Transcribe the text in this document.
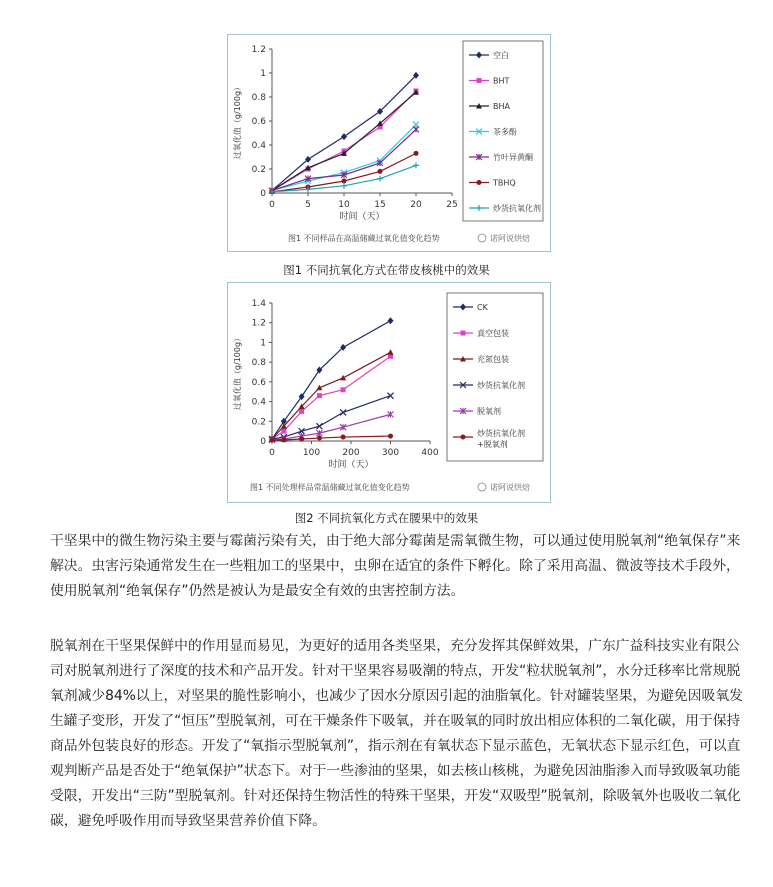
0
0.2
0.4
0.6
0.8
1
1.2
0	5	10	15	20	25
时间（天）
过氧化值（g/100g）
空白
BHT
BHA
茶多酚
竹叶异黄酮
TBHQ
炒货抗氧化剂
图1 不同样品在高温储藏过氧化值变化趋势	诺阿说烘焙
图1 不同抗氧化方式在带皮核桃中的效果
0
0.2
0.4
0.6
0.8
1
1.2
1.4
0	100 200 300 400
时间（天）
过氧化值（g/100g）
CK
真空包装
充氮包装
炒货抗氧化剂
脱氧剂
炒货抗氧化剂
+脱氧剂
图1 不同处理样品常温储藏过氧化值变化趋势	诺阿说烘焙
图2 不同抗氧化方式在腰果中的效果

干坚果中的微生物污染主要与霉菌污染有关，由于绝大部分霉菌是需氧微生物，可以通过使用脱氧剂“绝氧保存”来解决。虫害污染通常发生在一些粗加工的坚果中，虫卵在适宜的条件下孵化。除了采用高温、微波等技术手段外，使用脱氧剂“绝氧保存”仍然是被认为是最安全有效的虫害控制方法。

脱氧剂在干坚果保鲜中的作用显而易见，为更好的适用各类坚果，充分发挥其保鲜效果，广东广益科技实业有限公司对脱氧剂进行了深度的技术和产品开发。针对干坚果容易吸潮的特点，开发“粒状脱氧剂”，水分迁移率比常规脱氧剂减少84%以上，对坚果的脆性影响小，也减少了因水分原因引起的油脂氧化。针对罐装坚果，为避免因吸氧发生罐子变形，开发了“恒压”型脱氧剂，可在干燥条件下吸氧，并在吸氧的同时放出相应体积的二氧化碳，用于保持商品外包装良好的形态。开发了“氧指示型脱氧剂”，指示剂在有氧状态下显示蓝色，无氧状态下显示红色，可以直观判断产品是否处于“绝氧保护”状态下。对于一些渗油的坚果，如去核山核桃，为避免因油脂渗入而导致吸氧功能受限，开发出“三防”型脱氧剂。针对还保持生物活性的特殊干坚果，开发“双吸型”脱氧剂，除吸氧外也吸收二氧化碳，避免呼吸作用而导致坚果营养价值下降。
